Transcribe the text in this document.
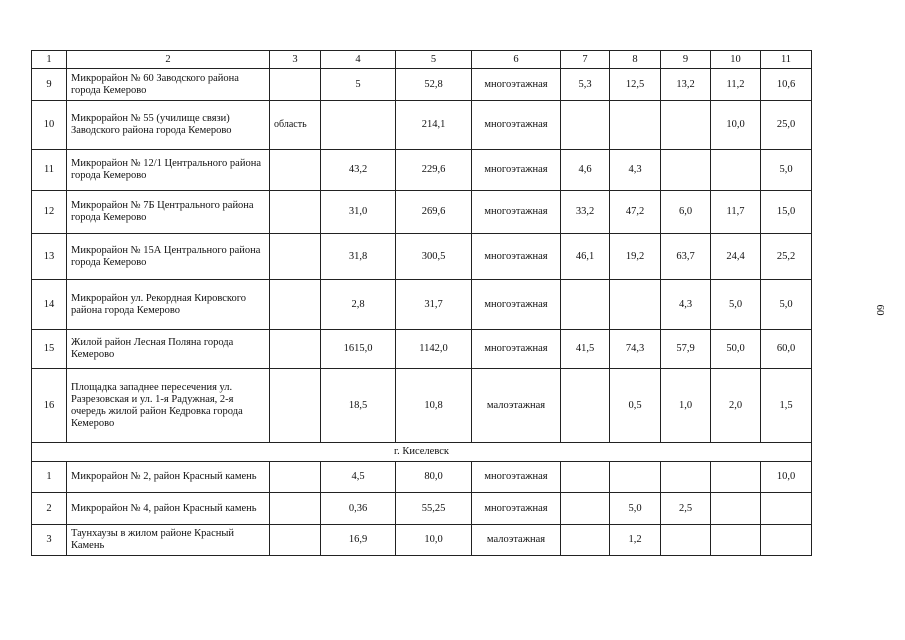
1	2	3	4	5	6	7	8	9	10	11
9	Микрорайон № 60 Заводского района города Кемерово		5	52,8	многоэтажная	5,3	12,5	13,2	11,2	10,6
10	Микрорайон № 55 (училище связи) Заводского района города Кемерово	область		214,1	многоэтажная				10,0	25,0
11	Микрорайон № 12/1 Центрального района города Кемерово		43,2	229,6	многоэтажная	4,6	4,3			5,0
12	Микрорайон № 7Б Центрального района города Кемерово		31,0	269,6	многоэтажная	33,2	47,2	6,0	11,7	15,0
13	Микрорайон № 15А Центрального района города Кемерово		31,8	300,5	многоэтажная	46,1	19,2	63,7	24,4	25,2
14	Микрорайон ул. Рекордная Кировского района города Кемерово		2,8	31,7	многоэтажная			4,3	5,0	5,0
15	Жилой район Лесная Поляна города Кемерово		1615,0	1142,0	многоэтажная	41,5	74,3	57,9	50,0	60,0
16	Площадка западнее пересечения ул. Разрезовская и ул. 1-я Радужная, 2-я очередь жилой район Кедровка города Кемерово		18,5	10,8	малоэтажная		0,5	1,0	2,0	1,5
г. Киселевск										
1	Микрорайон № 2, район Красный камень		4,5	80,0	многоэтажная					10,0
2	Микрорайон № 4, район Красный камень		0,36	55,25	многоэтажная		5,0	2,5		
3	Таунхаузы в жилом районе Красный Камень		16,9	10,0	малоэтажная		1,2			
60
